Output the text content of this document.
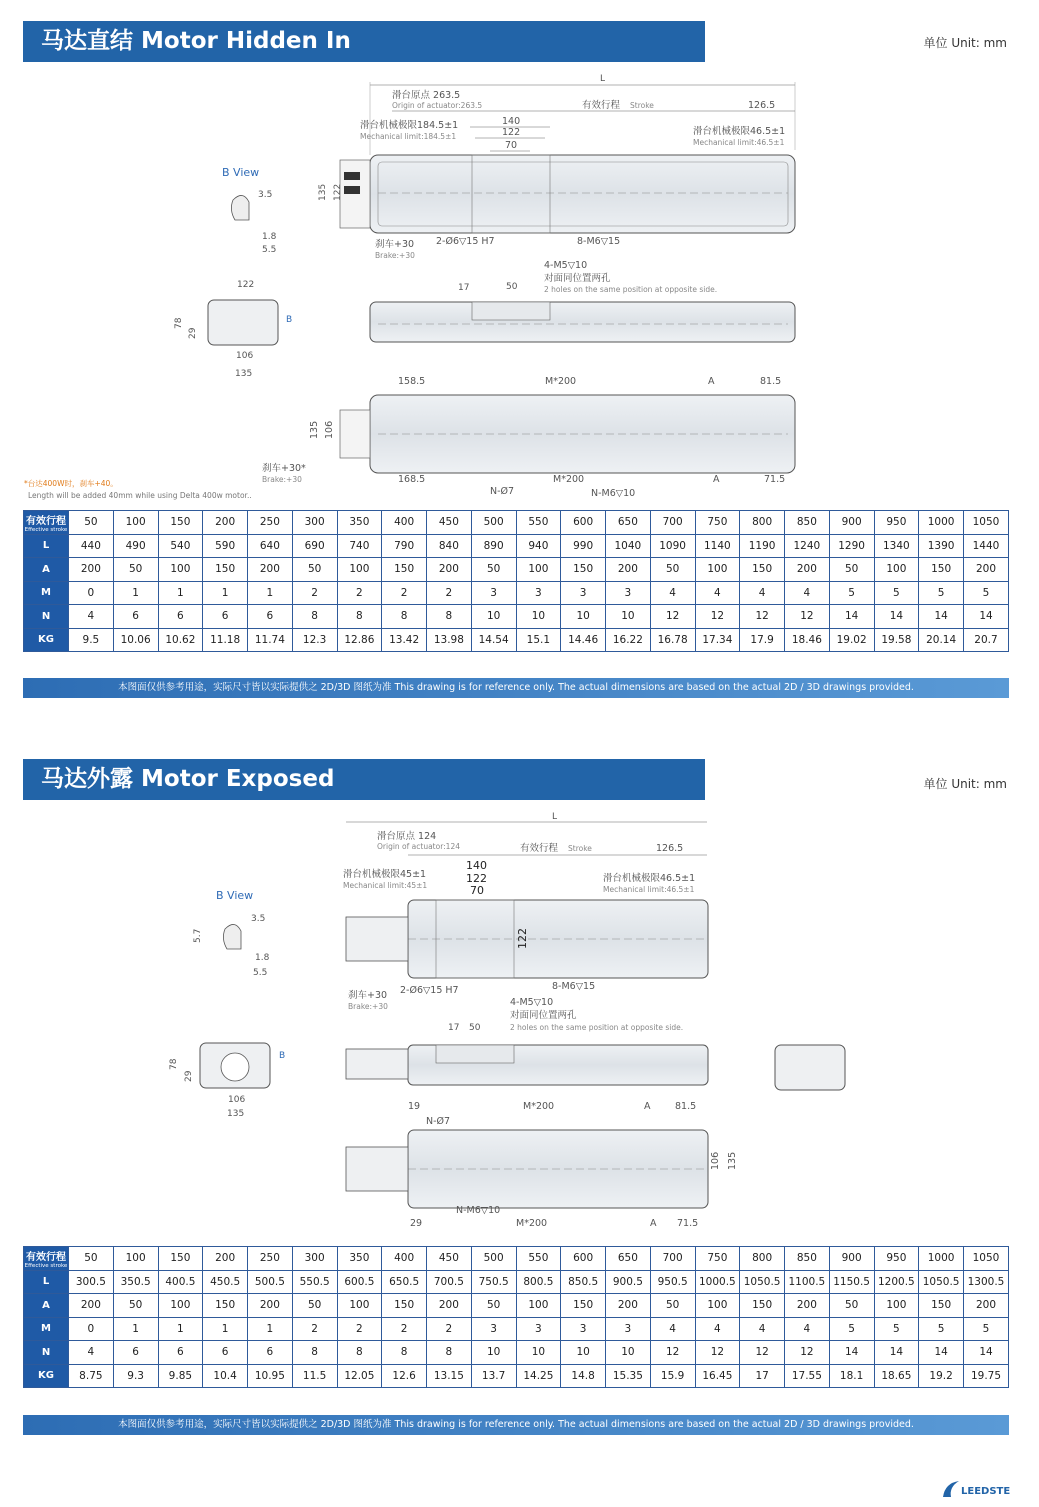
马达直结 Motor Hidden In	单位 Unit: mm
L
滑台原点 263.5
Origin of actuator:263.5	有效行程 Stroke	126.5
滑台机械极限184.5±1
Mechanical limit:184.5±1	滑台机械极限46.5±1
Mechanical limit:46.5±1
140
122
70
135 122
B View
3.5
1.8
5.5	刹车+30
Brake:+30
2-Ø6▽15 H7	8-M6▽15
4-M5▽10
对面同位置两孔
2 holes on the same position at opposite side.
17	50
122
78
29
106
135
B
158.5	M*200	A	81.5
135 106
刹车+30*
Brake:+30	168.5	M*200	A	71.5
N-Ø7	N-M6▽10
*台达400W时，刹车+40。
Length will be added 40mm while using Delta 400w motor..
有效行程
Effective stroke	50	100	150	200	250	300	350	400	450	500	550	600	650	700	750	800	850	900	950	1000	1050
L	440	490	540	590	640	690	740	790	840	890	940	990	1040	1090	1140	1190	1240	1290	1340	1390	1440
A	200	50	100	150	200	50	100	150	200	50	100	150	200	50	100	150	200	50	100	150	200
M	0	1	1	1	1	2	2	2	2	3	3	3	3	4	4	4	4	5	5	5	5
N	4	6	6	6	6	8	8	8	8	10	10	10	10	12	12	12	12	14	14	14	14
KG	9.5	10.06	10.62	11.18	11.74	12.3	12.86	13.42	13.98	14.54	15.1	14.46	16.22	16.78	17.34	17.9	18.46	19.02	19.58	20.14	20.7
本图面仅供参考用途，实际尺寸皆以实际提供之 2D/3D 图纸为准 This drawing is for reference only. The actual dimensions are based on the actual 2D / 3D drawings provided.
马达外露 Motor Exposed	单位 Unit: mm
L
滑台原点 124
Origin of actuator:124	有效行程 Stroke	126.5
滑台机械极限45±1
Mechanical limit:45±1
滑台机械极限46.5±1
Mechanical limit:46.5±1
140
122
70
B View
3.5
5.7
1.8
5.5
刹车+30
Brake:+30
2-Ø6▽15 H7	8-M6▽15
4-M5▽10
对面同位置两孔
2 holes on the same position at opposite side.
17 50
122
78
29
106
135
B
19	M*200	A	81.5
N-Ø7
106 135
N-M6▽10
29	M*200	A 71.5
有效行程
Effective stroke	50	100	150	200	250	300	350	400	450	500	550	600	650	700	750	800	850	900	950	1000	1050
L	300.5	350.5	400.5	450.5	500.5	550.5	600.5	650.5	700.5	750.5	800.5	850.5	900.5	950.5	1000.5	1050.5	1100.5	1150.5	1200.5	1050.5	1300.5
A	200	50	100	150	200	50	100	150	200	50	100	150	200	50	100	150	200	50	100	150	200
M	0	1	1	1	1	2	2	2	2	3	3	3	3	4	4	4	4	5	5	5	5
N	4	6	6	6	6	8	8	8	8	10	10	10	10	12	12	12	12	14	14	14	14
KG	8.75	9.3	9.85	10.4	10.95	11.5	12.05	12.6	13.15	13.7	14.25	14.8	15.35	15.9	16.45	17	17.55	18.1	18.65	19.2	19.75
本图面仅供参考用途，实际尺寸皆以实际提供之 2D/3D 图纸为准 This drawing is for reference only. The actual dimensions are based on the actual 2D / 3D drawings provided.
LEEDSTE
